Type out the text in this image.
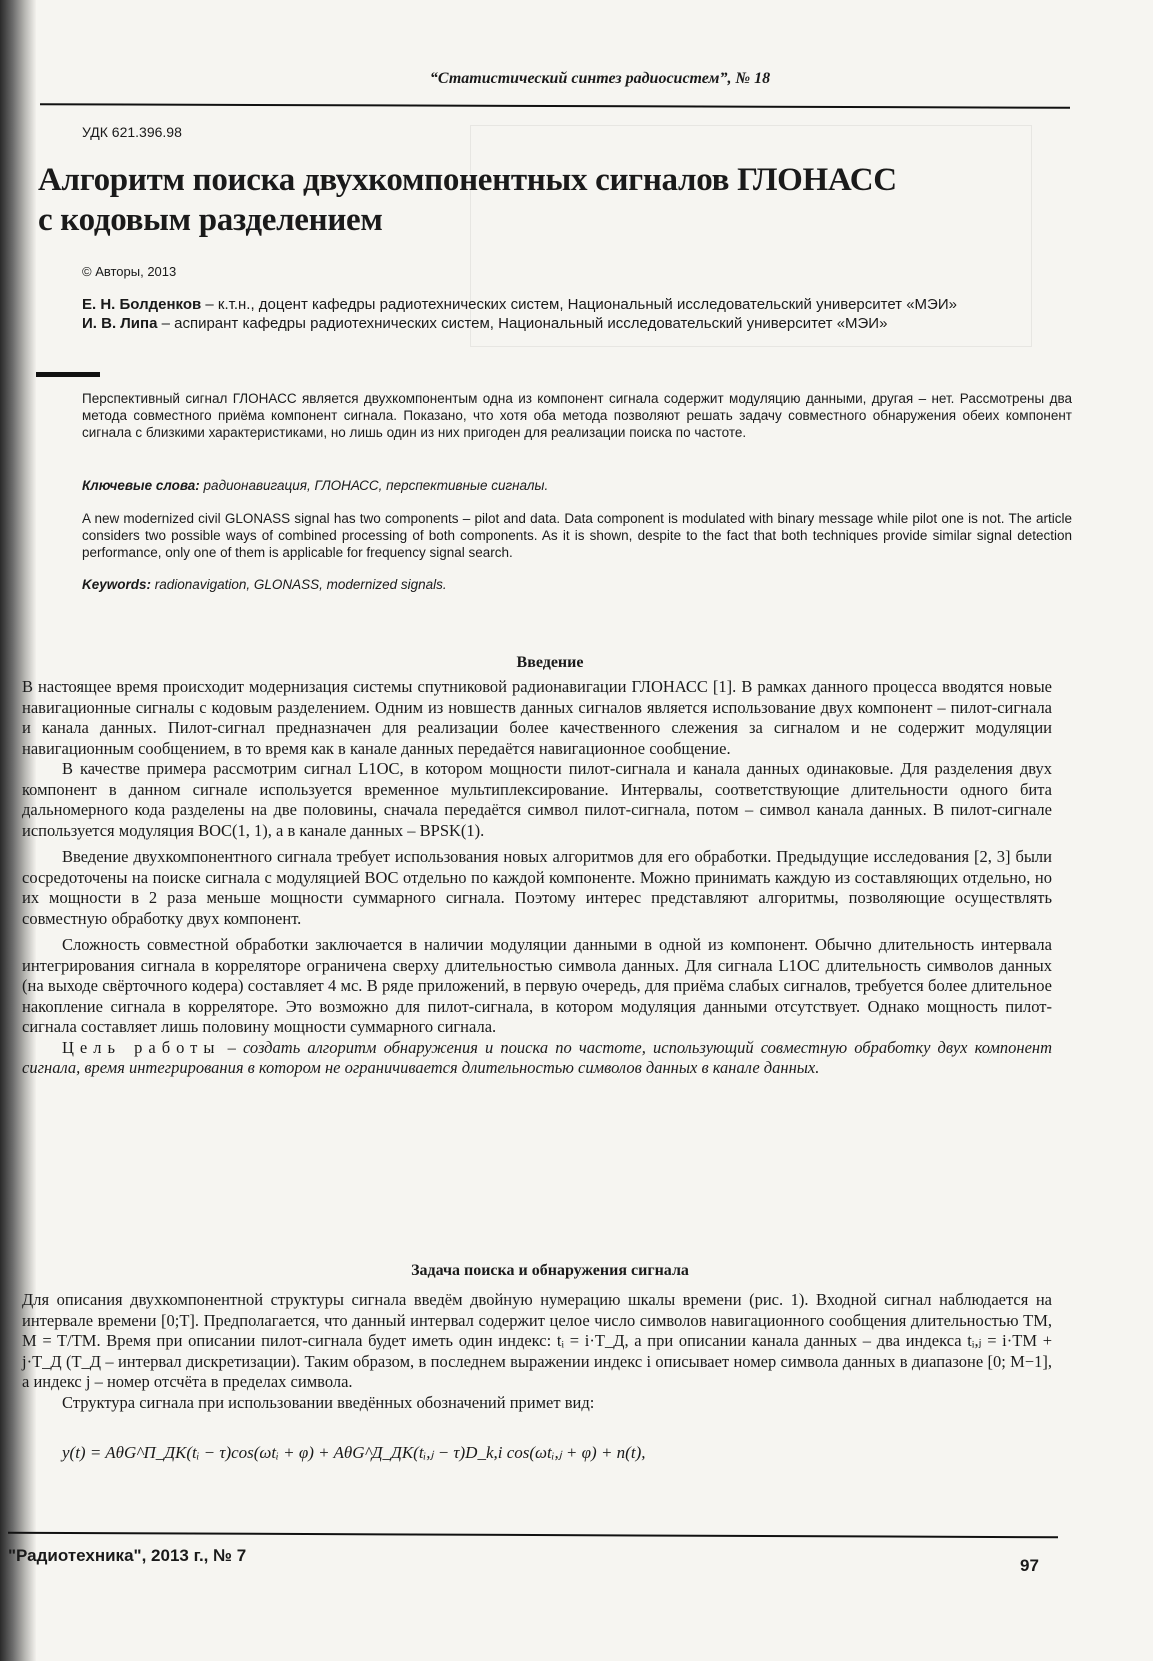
“Статистический синтез радиосистем”, № 18
УДК 621.396.98
Алгоритм поиска двухкомпонентных сигналов ГЛОНАСС
с кодовым разделением
© Авторы, 2013
Е. Н. Болденков – к.т.н., доцент кафедры радиотехнических систем, Национальный исследовательский университет «МЭИ»
И. В. Липа – аспирант кафедры радиотехнических систем, Национальный исследовательский университет «МЭИ»
Перспективный сигнал ГЛОНАСС является двухкомпонентым одна из компонент сигнала содержит модуляцию данными, другая – нет. Рассмотрены два метода совместного приёма компонент сигнала. Показано, что хотя оба метода позволяют решать задачу совместного обнаружения обеих компонент сигнала с близкими характеристиками, но лишь один из них пригоден для реализации поиска по частоте.
Ключевые слова: радионавигация, ГЛОНАСС, перспективные сигналы.
A new modernized civil GLONASS signal has two components – pilot and data. Data component is modulated with binary message while pilot one is not. The article considers two possible ways of combined processing of both components. As it is shown, despite to the fact that both techniques provide similar signal detection performance, only one of them is applicable for frequency signal search.
Keywords: radionavigation, GLONASS, modernized signals.
Введение

В настоящее время происходит модернизация системы спутниковой радионавигации ГЛОНАСС [1]. В рамках данного процесса вводятся новые навигационные сигналы с кодовым разделением. Одним из новшеств данных сигналов является использование двух компонент – пилот-сигнала и канала данных. Пилот-сигнал предназначен для реализации более качественного слежения за сигналом и не содержит модуляции навигационным сообщением, в то время как в канале данных передаётся навигационное сообщение.

В качестве примера рассмотрим сигнал L1OC, в котором мощности пилот-сигнала и канала данных одинаковые. Для разделения двух компонент в данном сигнале используется временное мультиплексирование. Интервалы, соответствующие длительности одного бита дальномерного кода разделены на две половины, сначала передаётся символ пилот-сигнала, потом – символ канала данных. В пилот-сигнале используется модуляция BOC(1, 1), а в канале данных – BPSK(1).

Введение двухкомпонентного сигнала требует использования новых алгоритмов для его обработки. Предыдущие исследования [2, 3] были сосредоточены на поиске сигнала с модуляцией BOC отдельно по каждой компоненте. Можно принимать каждую из составляющих отдельно, но их мощности в 2 раза меньше мощности суммарного сигнала. Поэтому интерес представляют алгоритмы, позволяющие осуществлять совместную обработку двух компонент.

Сложность совместной обработки заключается в наличии модуляции данными в одной из компонент. Обычно длительность интервала интегрирования сигнала в корреляторе ограничена сверху длительностью символа данных. Для сигнала L1OC длительность символов данных (на выходе свёрточного кодера) составляет 4 мс. В ряде приложений, в первую очередь, для приёма слабых сигналов, требуется более длительное накопление сигнала в корреляторе. Это возможно для пилот-сигнала, в котором модуляция данными отсутствует. Однако мощность пилот-сигнала составляет лишь половину мощности суммарного сигнала.

Цель работы – создать алгоритм обнаружения и поиска по частоте, использующий совместную обработку двух компонент сигнала, время интегрирования в котором не ограничивается длительностью символов данных в канале данных.

Задача поиска и обнаружения сигнала

Для описания двухкомпонентной структуры сигнала введём двойную нумерацию шкалы времени (рис. 1). Входной сигнал наблюдается на интервале времени [0;T]. Предполагается, что данный интервал содержит целое число символов навигационного сообщения длительностью TM, M = T/TM. Время при описании пилот-сигнала будет иметь один индекс: tᵢ = i·T_Д, а при описании канала данных – два индекса tᵢ,ⱼ = i·TM + j·T_Д (T_Д – интервал дискретизации). Таким образом, в последнем выражении индекс i описывает номер символа данных в диапазоне [0; M−1], а индекс j – номер отсчёта в пределах символа.

Структура сигнала при использовании введённых обозначений примет вид:

y(t) = AθG^П_ДК(tᵢ − τ)cos(ωtᵢ + φ) + AθG^Д_ДК(tᵢ,ⱼ − τ)D_k,i cos(ωtᵢ,ⱼ + φ) + n(t),
"Радиотехника", 2013 г., № 7
97
